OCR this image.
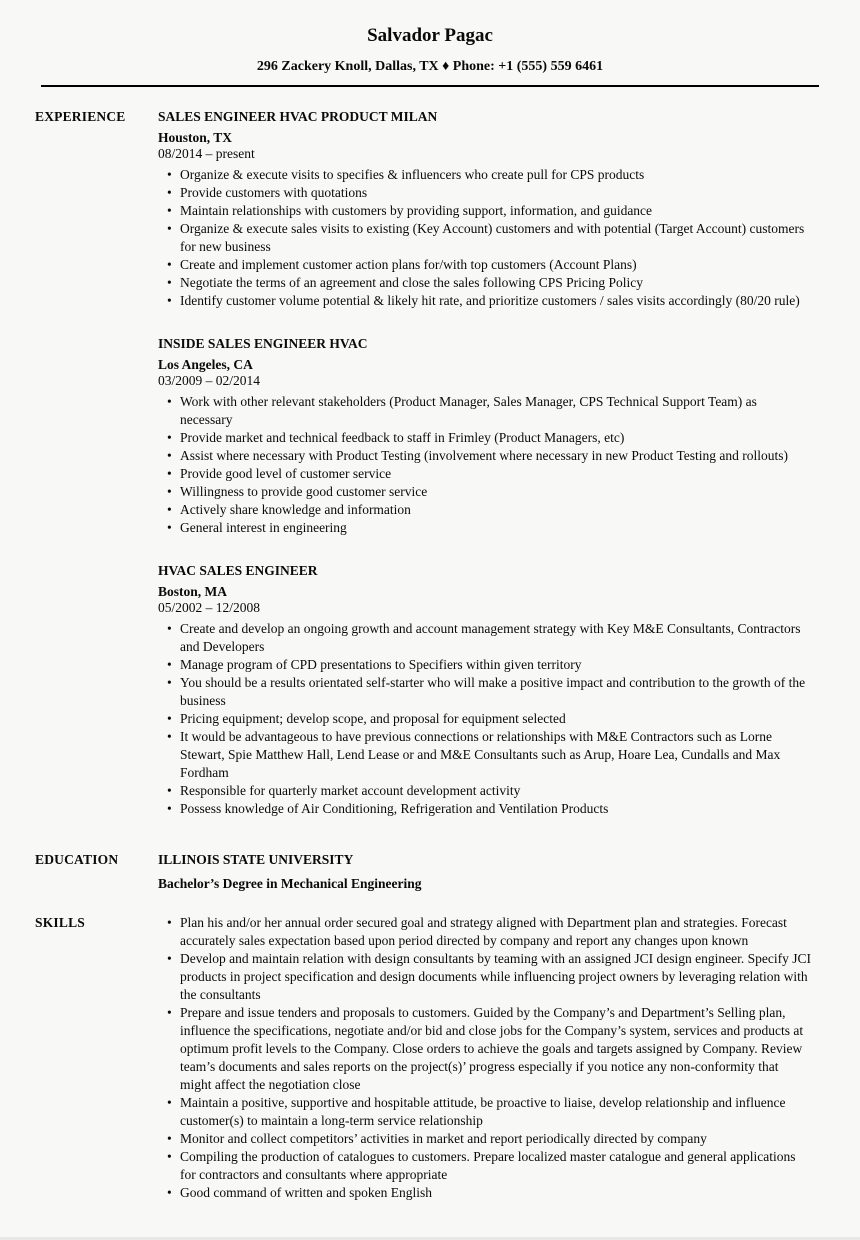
Salvador Pagac
296 Zackery Knoll, Dallas, TX ♦ Phone: +1 (555) 559 6461
EXPERIENCE	SALES ENGINEER HVAC PRODUCT MILAN
Houston, TX
08/2014 – present
• Organize & execute visits to specifies & influencers who create pull for CPS products
• Provide customers with quotations
• Maintain relationships with customers by providing support, information, and guidance
• Organize & execute sales visits to existing (Key Account) customers and with potential (Target Account) customers for new business
• Create and implement customer action plans for/with top customers (Account Plans)
• Negotiate the terms of an agreement and close the sales following CPS Pricing Policy
• Identify customer volume potential & likely hit rate, and prioritize customers / sales visits accordingly (80/20 rule)
INSIDE SALES ENGINEER HVAC
Los Angeles, CA
03/2009 – 02/2014
• Work with other relevant stakeholders (Product Manager, Sales Manager, CPS Technical Support Team) as necessary
• Provide market and technical feedback to staff in Frimley (Product Managers, etc)
• Assist where necessary with Product Testing (involvement where necessary in new Product Testing and rollouts)
• Provide good level of customer service
• Willingness to provide good customer service
• Actively share knowledge and information
• General interest in engineering
HVAC SALES ENGINEER
Boston, MA
05/2002 – 12/2008
• Create and develop an ongoing growth and account management strategy with Key M&E Consultants, Contractors and Developers
• Manage program of CPD presentations to Specifiers within given territory
• You should be a results orientated self-starter who will make a positive impact and contribution to the growth of the business
• Pricing equipment; develop scope, and proposal for equipment selected
• It would be advantageous to have previous connections or relationships with M&E Contractors such as Lorne Stewart, Spie Matthew Hall, Lend Lease or and M&E Consultants such as Arup, Hoare Lea, Cundalls and Max Fordham
• Responsible for quarterly market account development activity
• Possess knowledge of Air Conditioning, Refrigeration and Ventilation Products
EDUCATION	ILLINOIS STATE UNIVERSITY
Bachelor’s Degree in Mechanical Engineering
SKILLS	• Plan his and/or her annual order secured goal and strategy aligned with Department plan and strategies. Forecast accurately sales expectation based upon period directed by company and report any changes upon known
• Develop and maintain relation with design consultants by teaming with an assigned JCI design engineer. Specify JCI products in project specification and design documents while influencing project owners by leveraging relation with the consultants
• Prepare and issue tenders and proposals to customers. Guided by the Company’s and Department’s Selling plan, influence the specifications, negotiate and/or bid and close jobs for the Company’s system, services and products at optimum profit levels to the Company. Close orders to achieve the goals and targets assigned by Company. Review team’s documents and sales reports on the project(s)’ progress especially if you notice any non-conformity that might affect the negotiation close
• Maintain a positive, supportive and hospitable attitude, be proactive to liaise, develop relationship and influence customer(s) to maintain a long-term service relationship
• Monitor and collect competitors’ activities in market and report periodically directed by company
• Compiling the production of catalogues to customers. Prepare localized master catalogue and general applications for contractors and consultants where appropriate
• Good command of written and spoken English
